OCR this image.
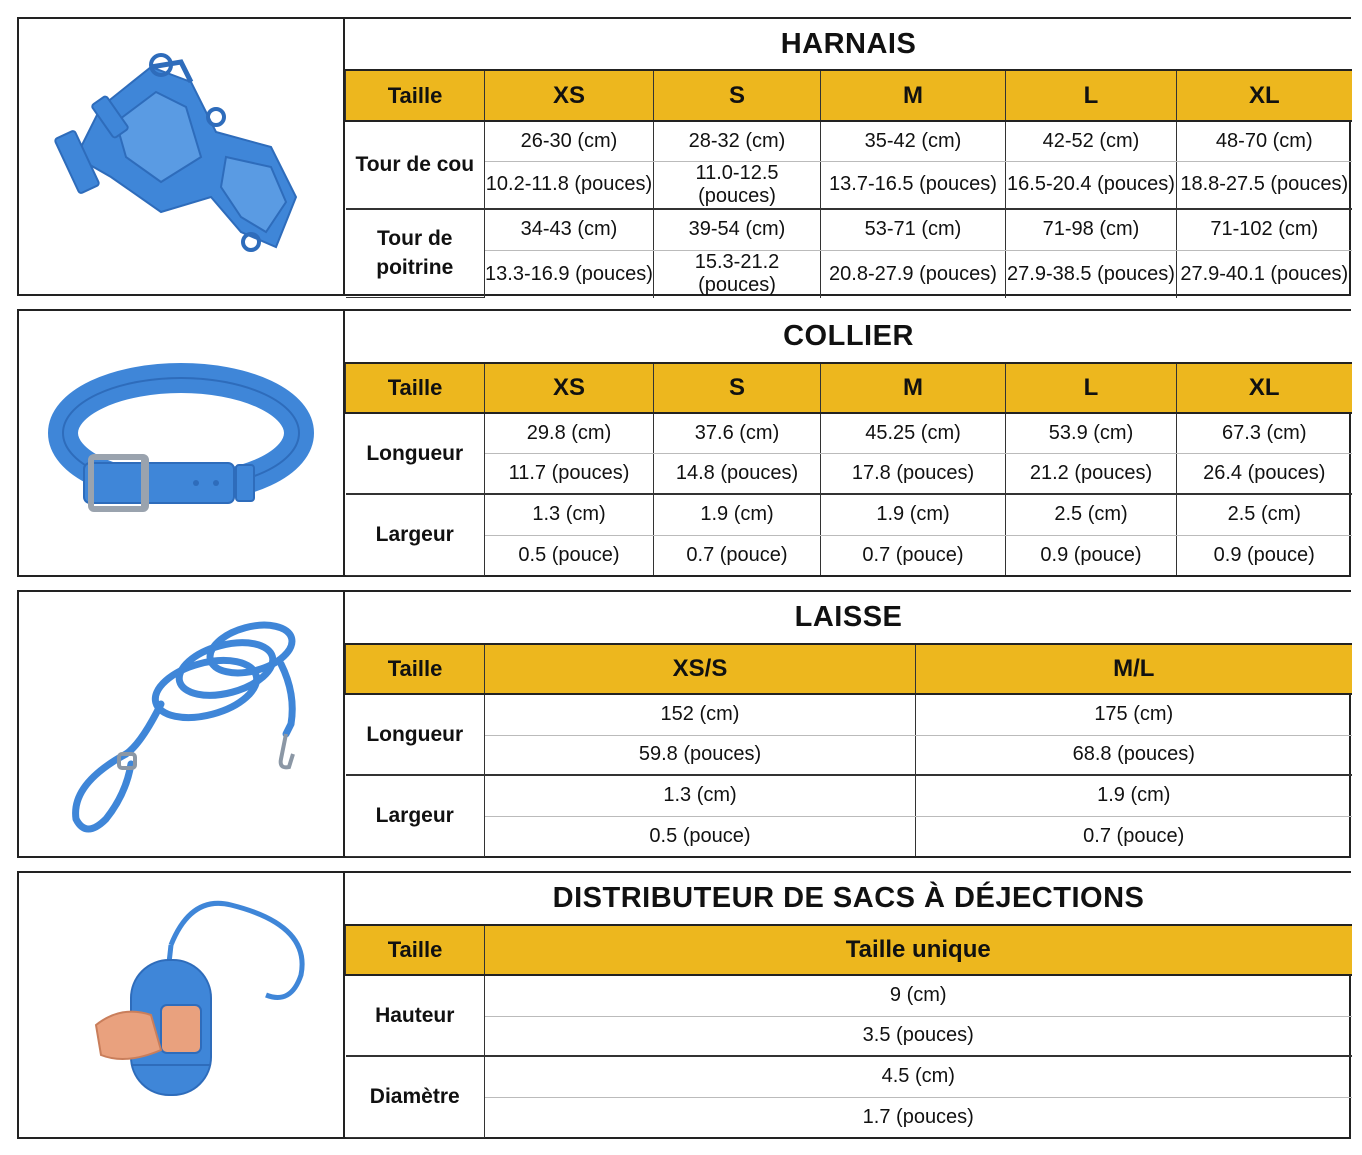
HARNAIS					
Taille	XS	S	M	L	XL
Tour de cou	26-30 (cm)	28-32 (cm)	35-42 (cm)	42-52 (cm)	48-70 (cm)
	10.2-11.8 (pouces)	11.0-12.5 (pouces)	13.7-16.5 (pouces)	16.5-20.4 (pouces)	18.8-27.5 (pouces)
Tour de poitrine	34-43 (cm)	39-54 (cm)	53-71 (cm)	71-98 (cm)	71-102 (cm)
	13.3-16.9 (pouces)	15.3-21.2 (pouces)	20.8-27.9 (pouces)	27.9-38.5 (pouces)	27.9-40.1 (pouces)
COLLIER					
Taille	XS	S	M	L	XL
Longueur	29.8 (cm)	37.6 (cm)	45.25 (cm)	53.9 (cm)	67.3 (cm)
	11.7 (pouces)	14.8 (pouces)	17.8 (pouces)	21.2 (pouces)	26.4 (pouces)
Largeur	1.3 (cm)	1.9 (cm)	1.9 (cm)	2.5 (cm)	2.5 (cm)
	0.5 (pouce)	0.7 (pouce)	0.7 (pouce)	0.9 (pouce)	0.9 (pouce)
LAISSE		
Taille	XS/S	M/L
Longueur	152 (cm)	175 (cm)
	59.8 (pouces)	68.8 (pouces)
Largeur	1.3 (cm)	1.9 (cm)
	0.5 (pouce)	0.7 (pouce)
DISTRIBUTEUR DE SACS À DÉJECTIONS	
Taille	Taille unique
Hauteur	9 (cm)
	3.5 (pouces)
Diamètre	4.5 (cm)
	1.7 (pouces)
